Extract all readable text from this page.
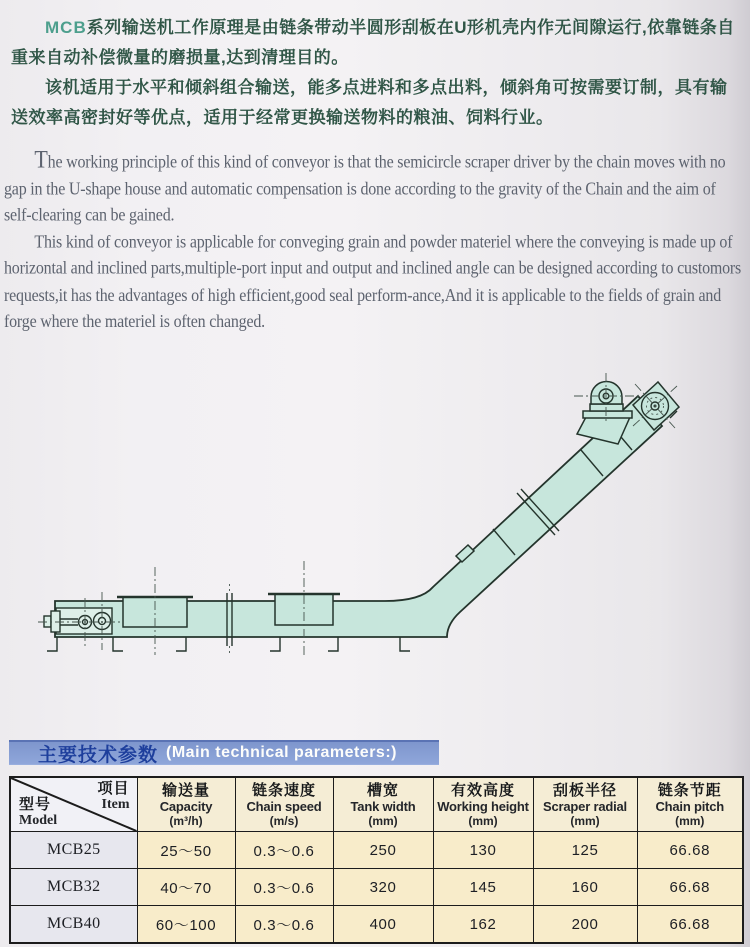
MCB系列输送机工作原理是由链条带动半圆形刮板在U形机壳内作无间隙运行,依靠链条自重来自动补偿微量的磨损量,达到清理目的。

该机适用于水平和倾斜组合输送，能多点进料和多点出料，倾斜角可按需要订制，具有输送效率高密封好等优点，适用于经常更换输送物料的粮油、饲料行业。

The working principle of this kind of conveyor is that the semicircle scraper driver by the chain moves with no gap in the U-shape house and automatic compensation is done according to the gravity of the Chain and the aim of self-clearing can be gained.

This kind of conveyor is applicable for conveging grain and powder materiel where the conveying is made up of horizontal and inclined parts,multiple-port input and output and inclined angle can be designed according to customors requests,it has the advantages of high efficient,good seal perform-ance,And it is applicable to the fields of grain and forge where the materiel is often changed.

主要技术参数 (Main technical parameters:)
项目
Item
型号
Model

输送量
Capacity
(m³/h)

链条速度
Chain speed
(m/s)

槽宽
Tank width
(mm)

有效高度
Working height
(mm)

刮板半径
Scraper radial
(mm)

链条节距
Chain pitch
(mm)

MCB25	25～50	0.3～0.6	250	130	125	66.68
MCB32	40～70	0.3～0.6	320	145	160	66.68
MCB40	60～100	0.3～0.6	400	162	200	66.68
